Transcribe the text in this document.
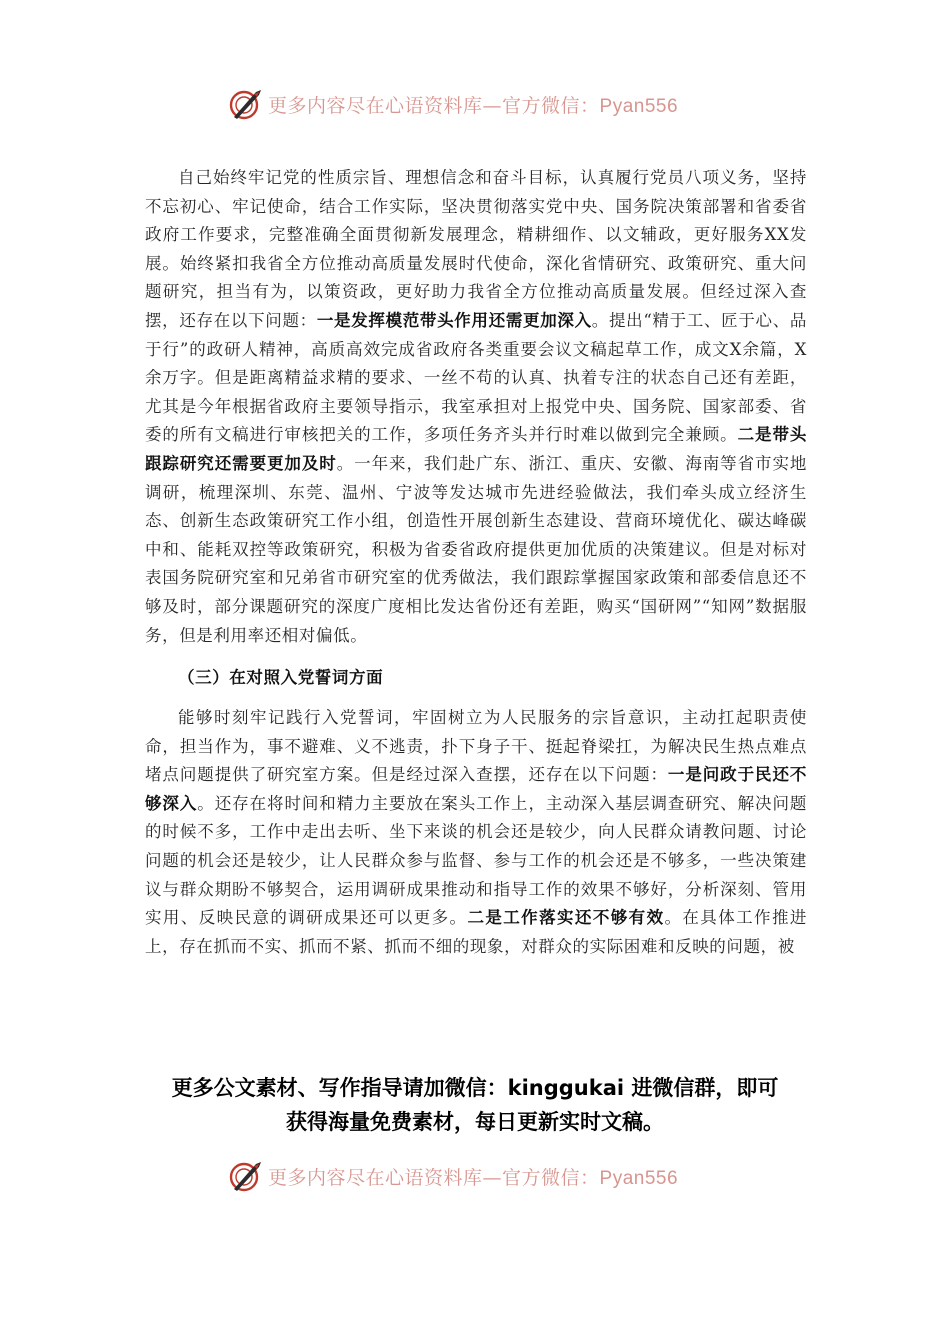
更多内容尽在心语资料库—官方微信：Pyan556

自己始终牢记党的性质宗旨、理想信念和奋斗目标，认真履行党员八项义务，坚持不忘初心、牢记使命，结合工作实际，坚决贯彻落实党中央、国务院决策部署和省委省政府工作要求，完整准确全面贯彻新发展理念，精耕细作、以文辅政，更好服务XX发展。始终紧扣我省全方位推动高质量发展时代使命，深化省情研究、政策研究、重大问题研究，担当有为，以策资政，更好助力我省全方位推动高质量发展。但经过深入查摆，还存在以下问题：一是发挥模范带头作用还需更加深入。提出“精于工、匠于心、品于行”的政研人精神，高质高效完成省政府各类重要会议文稿起草工作，成文X余篇，X余万字。但是距离精益求精的要求、一丝不苟的认真、执着专注的状态自己还有差距，尤其是今年根据省政府主要领导指示，我室承担对上报党中央、国务院、国家部委、省委的所有文稿进行审核把关的工作，多项任务齐头并行时难以做到完全兼顾。二是带头跟踪研究还需要更加及时。一年来，我们赴广东、浙江、重庆、安徽、海南等省市实地调研，梳理深圳、东莞、温州、宁波等发达城市先进经验做法，我们牵头成立经济生态、创新生态政策研究工作小组，创造性开展创新生态建设、营商环境优化、碳达峰碳中和、能耗双控等政策研究，积极为省委省政府提供更加优质的决策建议。但是对标对表国务院研究室和兄弟省市研究室的优秀做法，我们跟踪掌握国家政策和部委信息还不够及时，部分课题研究的深度广度相比发达省份还有差距，购买“国研网”“知网”数据服务，但是利用率还相对偏低。

（三）在对照入党誓词方面

能够时刻牢记践行入党誓词，牢固树立为人民服务的宗旨意识，主动扛起职责使命，担当作为，事不避难、义不逃责，扑下身子干、挺起脊梁扛，为解决民生热点难点堵点问题提供了研究室方案。但是经过深入查摆，还存在以下问题：一是问政于民还不够深入。还存在将时间和精力主要放在案头工作上，主动深入基层调查研究、解决问题的时候不多，工作中走出去听、坐下来谈的机会还是较少，向人民群众请教问题、讨论问题的机会还是较少，让人民群众参与监督、参与工作的机会还是不够多，一些决策建议与群众期盼不够契合，运用调研成果推动和指导工作的效果不够好，分析深刻、管用实用、反映民意的调研成果还可以更多。二是工作落实还不够有效。在具体工作推进上，存在抓而不实、抓而不紧、抓而不细的现象，对群众的实际困难和反映的问题，被

更多公文素材、写作指导请加微信：kinggukai 进微信群，即可
获得海量免费素材，每日更新实时文稿。
更多内容尽在心语资料库—官方微信：Pyan556
